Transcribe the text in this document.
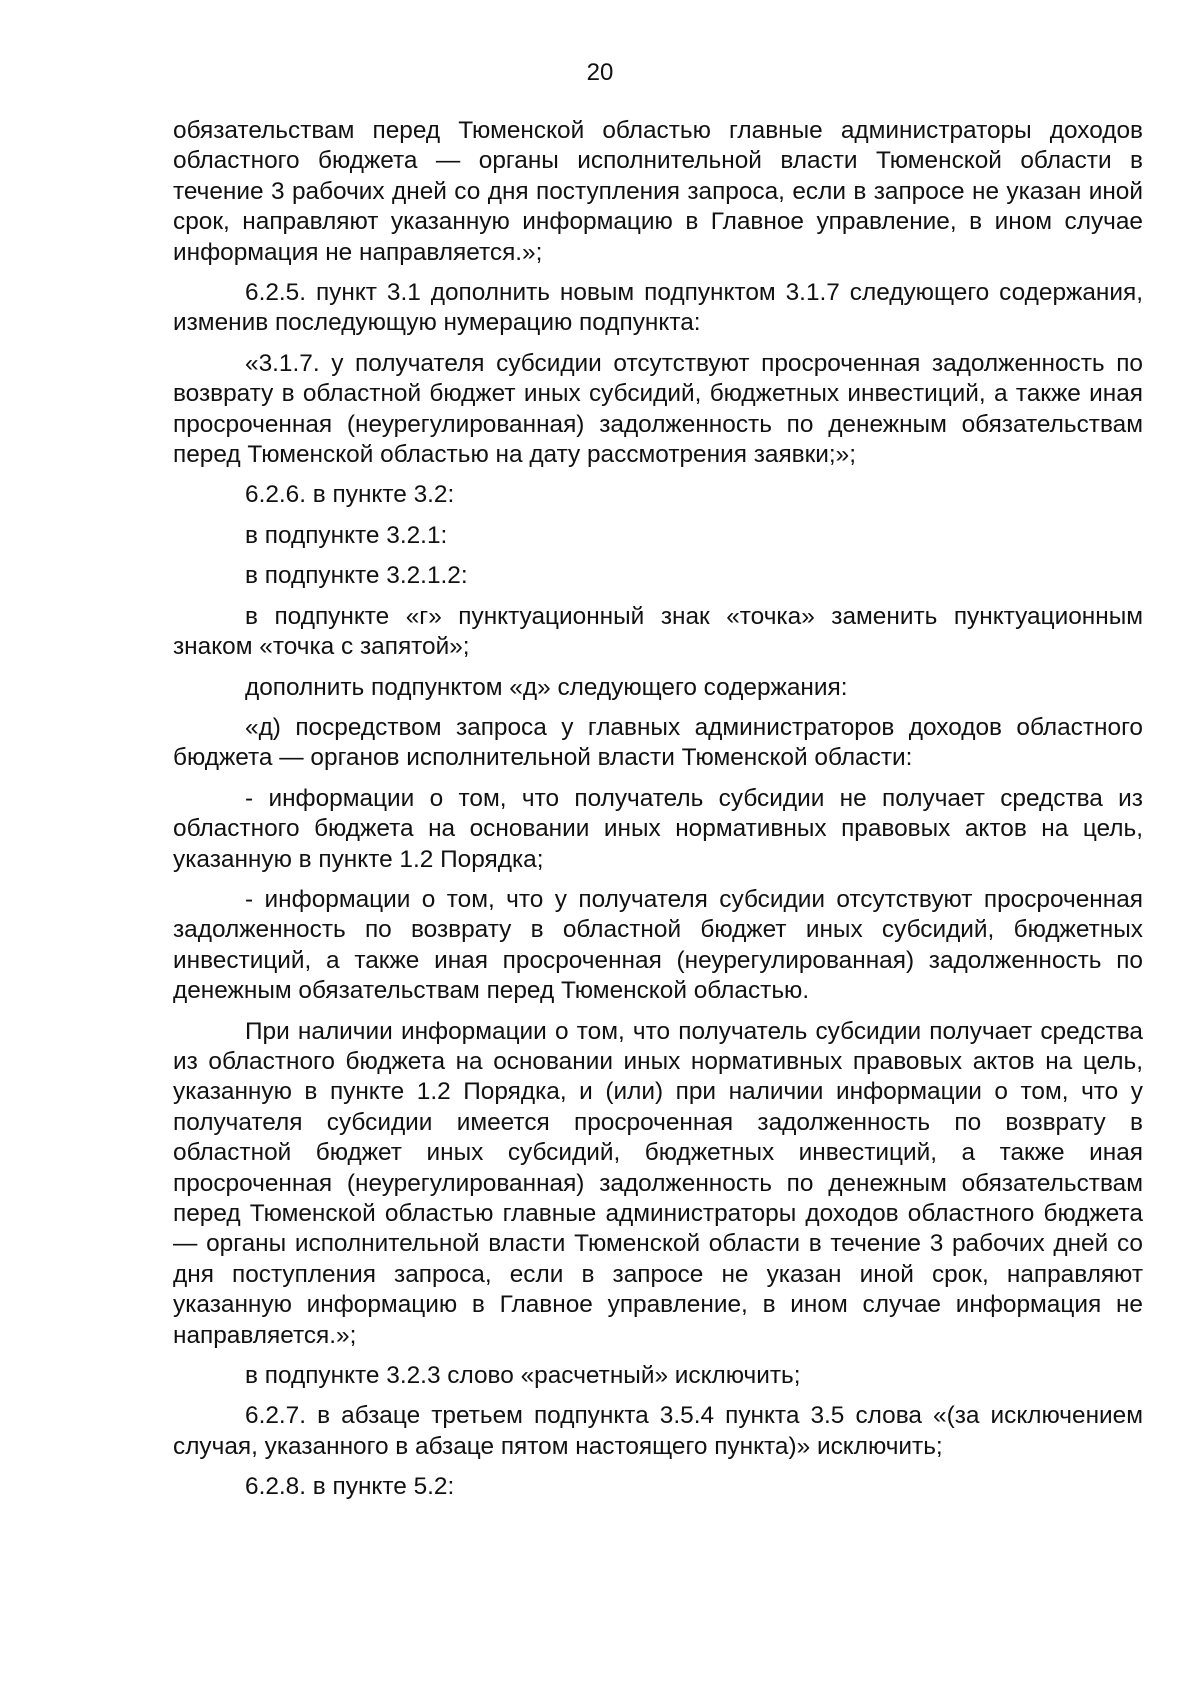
20

обязательствам перед Тюменской областью главные администраторы доходов областного бюджета — органы исполнительной власти Тюменской области в течение 3 рабочих дней со дня поступления запроса, если в запросе не указан иной срок, направляют указанную информацию в Главное управление, в ином случае информация не направляется.»;

6.2.5. пункт 3.1 дополнить новым подпунктом 3.1.7 следующего содержания, изменив последующую нумерацию подпункта:

«3.1.7. у получателя субсидии отсутствуют просроченная задолженность по возврату в областной бюджет иных субсидий, бюджетных инвестиций, а также иная просроченная (неурегулированная) задолженность по денежным обязательствам перед Тюменской областью на дату рассмотрения заявки;»;

6.2.6. в пункте 3.2:

в подпункте 3.2.1:

в подпункте 3.2.1.2:

в подпункте «г» пунктуационный знак «точка» заменить пунктуационным знаком «точка с запятой»;

дополнить подпунктом «д» следующего содержания:

«д) посредством запроса у главных администраторов доходов областного бюджета — органов исполнительной власти Тюменской области:

- информации о том, что получатель субсидии не получает средства из областного бюджета на основании иных нормативных правовых актов на цель, указанную в пункте 1.2 Порядка;

- информации о том, что у получателя субсидии отсутствуют просроченная задолженность по возврату в областной бюджет иных субсидий, бюджетных инвестиций, а также иная просроченная (неурегулированная) задолженность по денежным обязательствам перед Тюменской областью.

При наличии информации о том, что получатель субсидии получает средства из областного бюджета на основании иных нормативных правовых актов на цель, указанную в пункте 1.2 Порядка, и (или) при наличии информации о том, что у получателя субсидии имеется просроченная задолженность по возврату в областной бюджет иных субсидий, бюджетных инвестиций, а также иная просроченная (неурегулированная) задолженность по денежным обязательствам перед Тюменской областью главные администраторы доходов областного бюджета — органы исполнительной власти Тюменской области в течение 3 рабочих дней со дня поступления запроса, если в запросе не указан иной срок, направляют указанную информацию в Главное управление, в ином случае информация не направляется.»;

в подпункте 3.2.3 слово «расчетный» исключить;

6.2.7. в абзаце третьем подпункта 3.5.4 пункта 3.5 слова «(за исключением случая, указанного в абзаце пятом настоящего пункта)» исключить;

6.2.8. в пункте 5.2:
